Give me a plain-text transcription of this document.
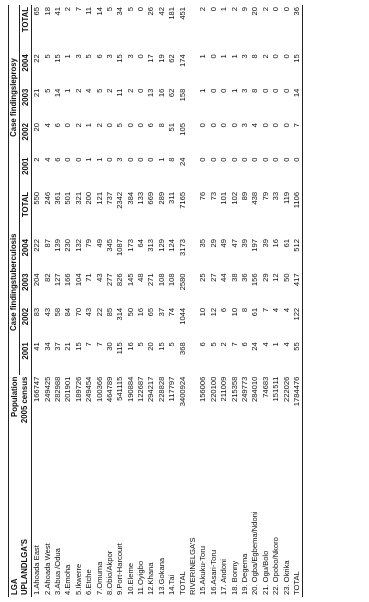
LGA	Population	Case findingstuberculosis					Case findingsleprosy				
UPLANDLGA'S	2005 census	2001	2002	2003	2004	TOTAL	2001	2002	2003	2004	TOTAL
1.Ahoada East	166747	41	83	204	222	550	2	20	21	22	65
2.Ahoada West	249425	34	43	82	87	246	4	4	5	5	18
3.Abua /Odua	282988	37	58	127	139	361	6	6	14	15	41
4.Emoha	201901	21	84	166	230	501	0	0	1	1	2
5.Ikwerre	189726	15	70	104	132	321	0	2	2	3	7
6.Etche	249454	7	43	71	79	200	1	1	4	5	11
7.Omuma	100366	7	22	43	49	121	1	2	5	6	14
8.Obio/Akpor	464789	30	85	277	345	737	0	0	2	3	5
9.Port-Harcourt	541115	115	314	826	1087	2342	3	5	11	15	34
10.Eleme	190884	16	50	145	173	384	0	0	2	3	5
11.Oyigbo	122687	5	16	48	64	133	0	0	0	0	0
12.Khana	294217	20	65	271	313	669	0	6	13	17	26
13.Gokana	228828	15	37	108	129	289	1	8	16	19	42
14.Tai	117797	5	74	108	124	311	8	51	62	62	181
TOTAL	3400924	368	1044	2580	3173	7165	24	105	158	174	451
RIVERINELGA'S											
15.Akuku-Toru	156006	6	10	25	35	76	0	0	1	1	2
16.Asari-Toru	220100	5	12	27	29	73	0	0	0	0	0
17. Andoni	211009	2	6	44	49	101	0	0	0	1	1
18. Bonny	215358	7	10	38	47	102	0	0	1	1	2
19. Degema	249773	6	8	36	39	89	0	3	3	3	9
20. Ogba/Egbema/Ndoni	284010	24	61	156	197	438	0	4	8	8	20
21. Ogu/Bolo	74683	4	7	29	39	79	0	0	0	2	2
22. Opobo/Nkoro	151511	1	4	12	16	33	0	0	0	0	0
23. Okrika	222026	4	4	50	61	119	0	0	0	0	0
TOTAL	1784476	55	122	417	512	1106	0	7	14	15	36
